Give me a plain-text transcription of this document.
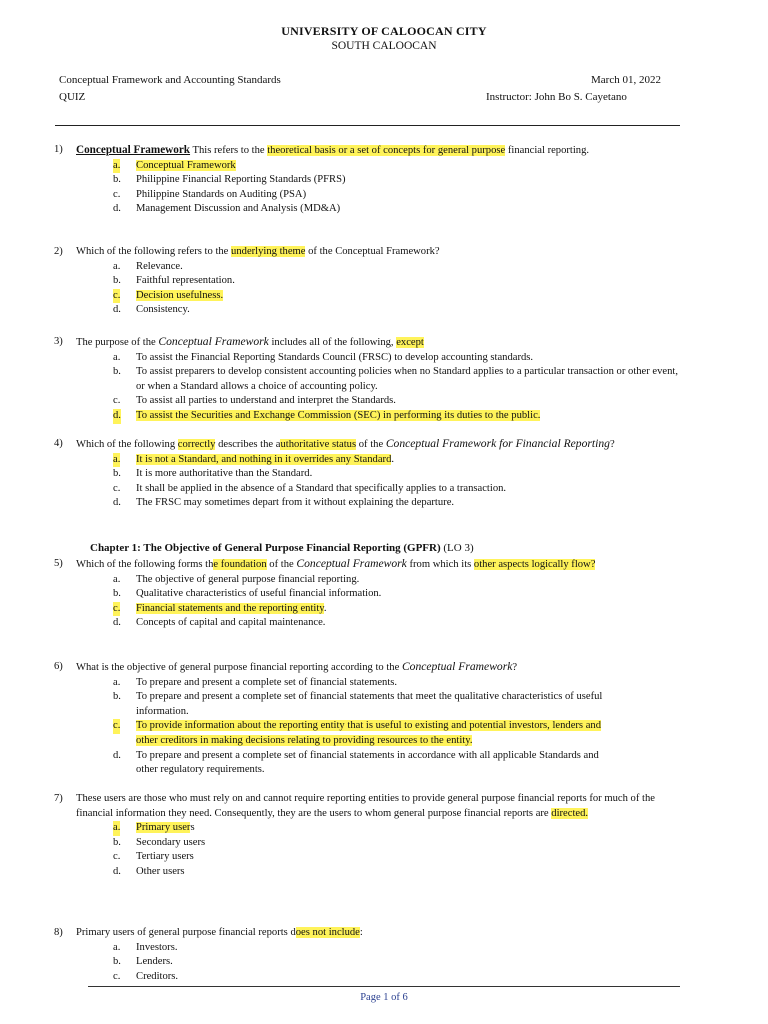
UNIVERSITY OF CALOOCAN CITY
SOUTH CALOOCAN
Conceptual Framework and Accounting Standards	March 01, 2022
QUIZ	Instructor: John Bo S. Cayetano
1) Conceptual Framework This refers to the theoretical basis or a set of concepts for general purpose financial reporting.
a. Conceptual Framework
b. Philippine Financial Reporting Standards (PFRS)
c. Philippine Standards on Auditing (PSA)
d. Management Discussion and Analysis (MD&A)
2) Which of the following refers to the underlying theme of the Conceptual Framework?
a. Relevance.
b. Faithful representation.
c. Decision usefulness.
d. Consistency.
3) The purpose of the Conceptual Framework includes all of the following, except
a. To assist the Financial Reporting Standards Council (FRSC) to develop accounting standards.
b. To assist preparers to develop consistent accounting policies when no Standard applies to a particular transaction or other event, or when a Standard allows a choice of accounting policy.
c. To assist all parties to understand and interpret the Standards.
d. To assist the Securities and Exchange Commission (SEC) in performing its duties to the public.
4) Which of the following correctly describes the authoritative status of the Conceptual Framework for Financial Reporting?
a. It is not a Standard, and nothing in it overrides any Standard.
b. It is more authoritative than the Standard.
c. It shall be applied in the absence of a Standard that specifically applies to a transaction.
d. The FRSC may sometimes depart from it without explaining the departure.
Chapter 1: The Objective of General Purpose Financial Reporting (GPFR) (LO 3)
5) Which of the following forms the foundation of the Conceptual Framework from which its other aspects logically flow?
a. The objective of general purpose financial reporting.
b. Qualitative characteristics of useful financial information.
c. Financial statements and the reporting entity.
d. Concepts of capital and capital maintenance.
6) What is the objective of general purpose financial reporting according to the Conceptual Framework?
a. To prepare and present a complete set of financial statements.
b. To prepare and present a complete set of financial statements that meet the qualitative characteristics of useful information.
c. To provide information about the reporting entity that is useful to existing and potential investors, lenders and other creditors in making decisions relating to providing resources to the entity.
d. To prepare and present a complete set of financial statements in accordance with all applicable Standards and other regulatory requirements.
7) These users are those who must rely on and cannot require reporting entities to provide general purpose financial reports for much of the financial information they need. Consequently, they are the users to whom general purpose financial reports are directed.
a. Primary users
b. Secondary users
c. Tertiary users
d. Other users
8) Primary users of general purpose financial reports does not include:
a. Investors.
b. Lenders.
c. Creditors.
Page 1 of 6
